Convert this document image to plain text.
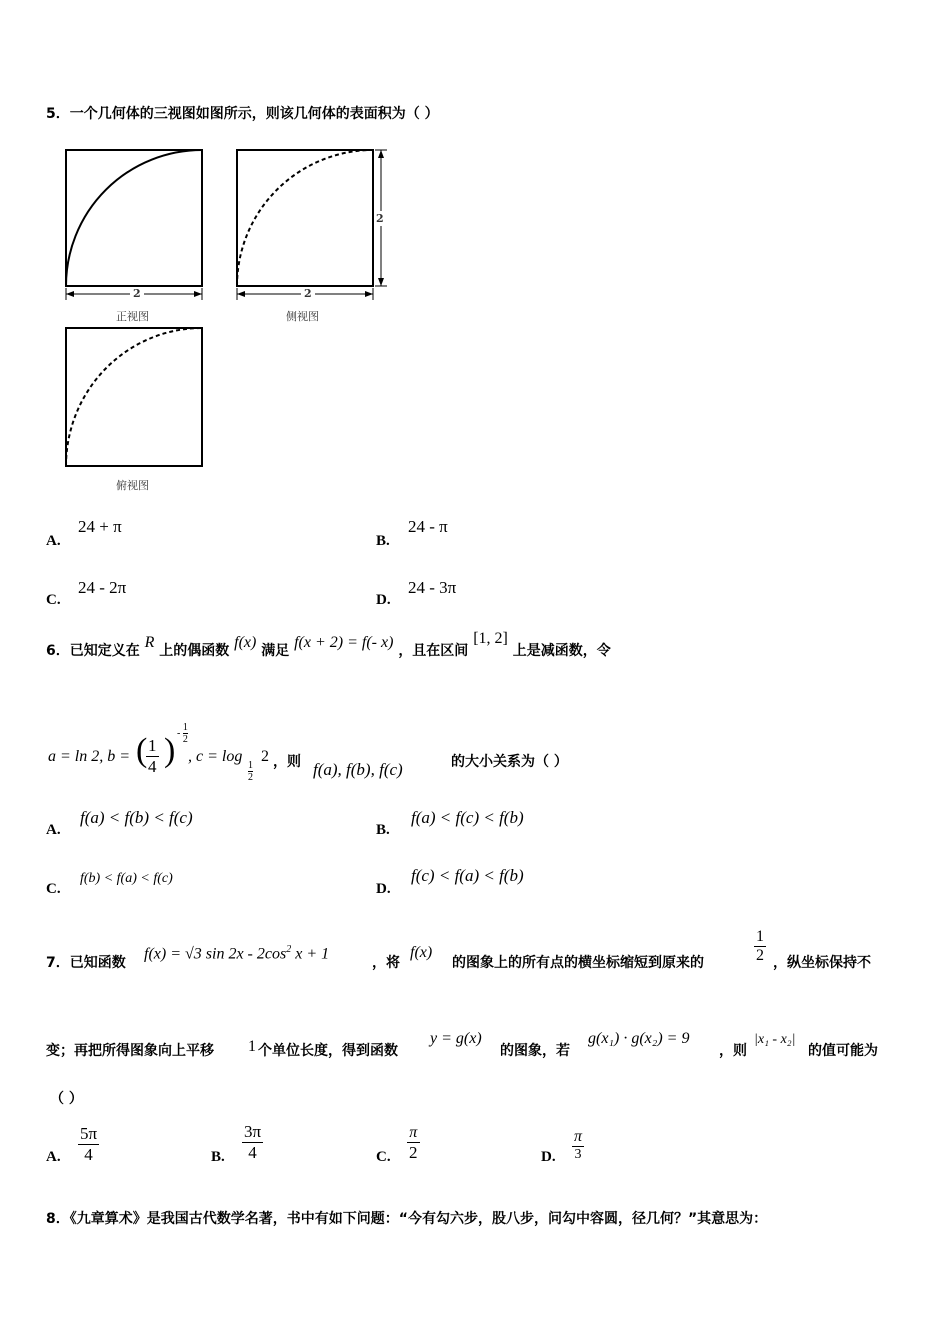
5．一个几何体的三视图如图所示，则该几何体的表面积为（ ）
2
正视图
2
2
侧视图
俯视图
A.
24 + π
B.
24 - π
C.
24 - 2π
D.
24 - 3π
6．已知定义在 R 上的偶函数 f(x) 满足 f(x + 2) = f(- x) ，且在区间 [1, 2] 上是减函数，令
a = ln 2, b = (
$\frac{1}{4}$ ) - $\frac{1}{2}$
, c = log
1
2
2 ，则 f(a), f(b), f(c)	的大小关系为（ ）
A.
f(a) < f(b) < f(c)
B.
f(a) < f(c) < f(b)
C.
f(b) < f(a) < f(c)
D.
f(c) < f(a) < f(b)
7．已知函数
f(x) = √3 $\sin 2x - 2\cos^2$ x + 1
，将
f(x)
的图象上的所有点的横坐标缩短到原来的	$\frac{1}{2}$ ，纵坐标保持不
变；再把所得图象向上平移 1 个单位长度，得到函数
y = g(x)
的图象，若
g(x₁) · g(x₂) = 9
，则
|x₁ - x₂|
的值可能为
（ ）
A. $\frac{5\pi}{4}$	B. $\frac{3\pi}{4}$	C. $\frac{\pi}{2}$	D. $\frac{\pi}{3}$
8．《九章算术》是我国古代数学名著，书中有如下问题：“今有勾六步，股八步，问勾中容圆，径几何？”其意思为：
